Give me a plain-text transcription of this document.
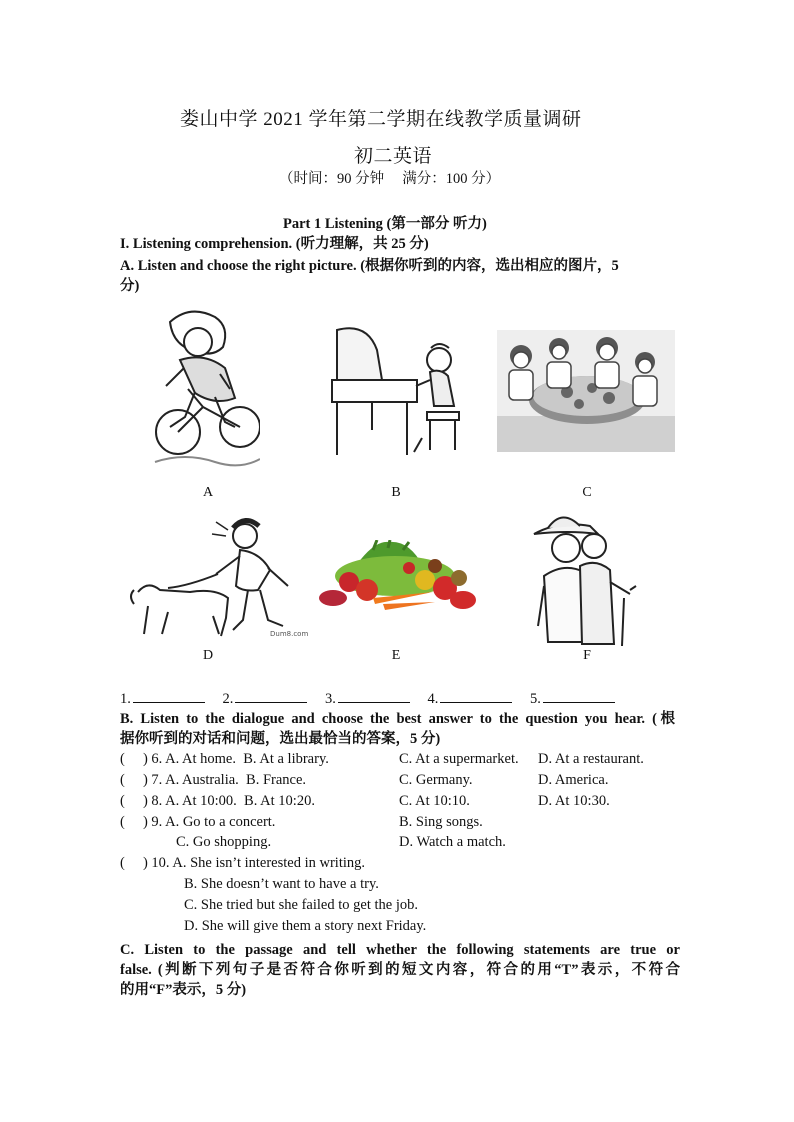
娄山中学 2021 学年第二学期在线教学质量调研
初二英语
（时间：90 分钟     满分：100 分）
Part 1 Listening (第一部分 听力)
I. Listening comprehension. (听力理解，共 25 分)
A. Listen and choose the right picture. (根据你听到的内容，选出相应的图片，5
分)
A	B	C
Dum8.com
D	E	F
1.	2.	3.	4.	5.
B. Listen to the dialogue and choose the best answer to the question you hear. (根
据你听到的对话和问题，选出最恰当的答案，5 分)
(     ) 6. A. At home.  B. At a library.	C. At a supermarket. D. At a restaurant.
(     ) 7. A. Australia.  B. France.	C. Germany.	D. America.
(     ) 8. A. At 10:00.  B. At 10:20.	C. At 10:10.	D. At 10:30.
(     ) 9. A. Go to a concert.	B. Sing songs.
C. Go shopping.	D. Watch a match.
(     ) 10. A. She isn’t interested in writing.
B. She doesn’t want to have a try.
C. She tried but she failed to get the job.
D. She will give them a story next Friday.
C. Listen to the passage and tell whether the following statements are true or
false. (判断下列句子是否符合你听到的短文内容，符合的用“T”表示，不符合
的用“F”表示，5 分)
